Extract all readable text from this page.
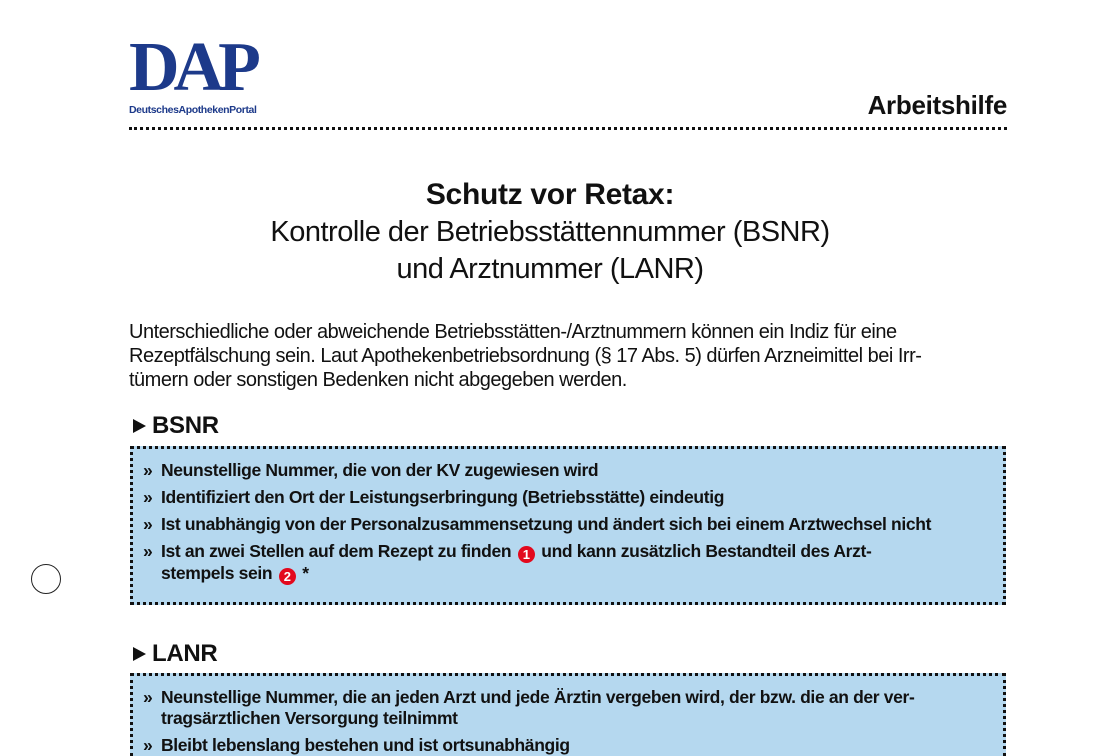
DAP
DeutschesApothekenPortal	Arbeitshilfe
Schutz vor Retax:
Kontrolle der Betriebsstättennummer (BSNR)
und Arztnummer (LANR)
Unterschiedliche oder abweichende Betriebsstätten-/Arztnummern können ein Indiz für eine
Rezeptfälschung sein. Laut Apothekenbetriebsordnung (§ 17 Abs. 5) dürfen Arzneimittel bei Irr-
tümern oder sonstigen Bedenken nicht abgegeben werden.
BSNR
» Neunstellige Nummer, die von der KV zugewiesen wird
» Identifiziert den Ort der Leistungserbringung (Betriebsstätte) eindeutig
» Ist unabhängig von der Personalzusammensetzung und ändert sich bei einem Arztwechsel nicht
» Ist an zwei Stellen auf dem Rezept zu finden 1 und kann zusätzlich Bestandteil des Arzt-
stempels sein 2 *
LANR
» Neunstellige Nummer, die an jeden Arzt und jede Ärztin vergeben wird, der bzw. die an der ver-
tragsärztlichen Versorgung teilnimmt
» Bleibt lebenslang bestehen und ist ortsunabhängig
